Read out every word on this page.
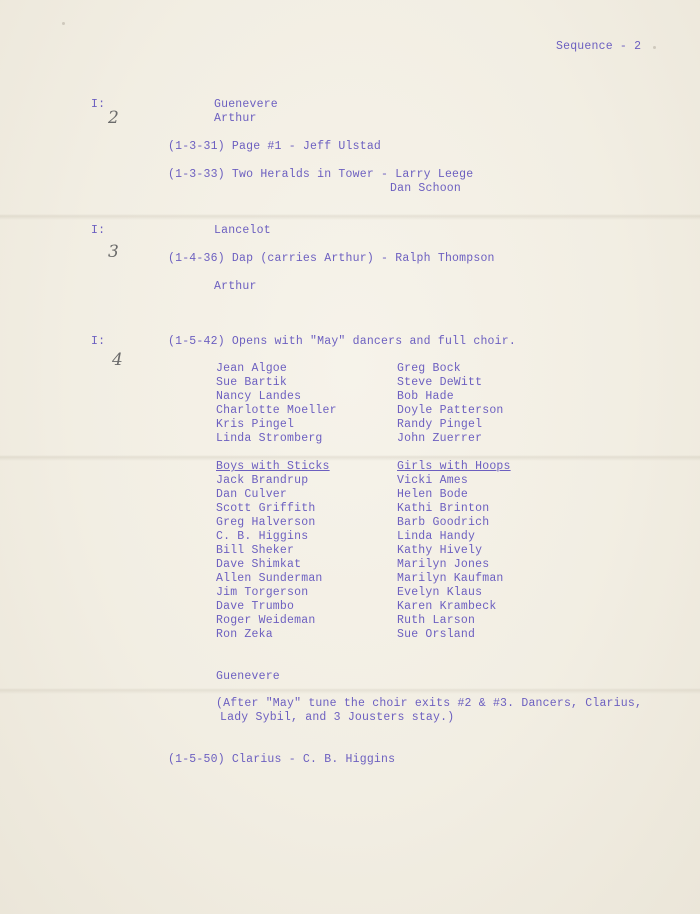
Sequence - 2
I:
2
Guenevere
Arthur
(1-3-31) Page #1 - Jeff Ulstad
(1-3-33) Two Heralds in Tower - Larry Leege
Dan Schoon
I:
3
Lancelot
(1-4-36) Dap (carries Arthur) - Ralph Thompson
Arthur
I:
4
(1-5-42) Opens with "May" dancers and full choir.
Jean Algoe
Sue Bartik
Nancy Landes
Charlotte Moeller
Kris Pingel
Linda Stromberg
Greg Bock
Steve DeWitt
Bob Hade
Doyle Patterson
Randy Pingel
John Zuerrer
Boys with Sticks	Girls with Hoops
Jack Brandrup
Dan Culver
Scott Griffith
Greg Halverson
C. B. Higgins
Bill Sheker
Dave Shimkat
Allen Sunderman
Jim Torgerson
Dave Trumbo
Roger Weideman
Ron Zeka
Vicki Ames
Helen Bode
Kathi Brinton
Barb Goodrich
Linda Handy
Kathy Hively
Marilyn Jones
Marilyn Kaufman
Evelyn Klaus
Karen Krambeck
Ruth Larson
Sue Orsland
Guenevere
(After "May" tune the choir exits #2 & #3. Dancers, Clarius,
Lady Sybil, and 3 Jousters stay.)
(1-5-50) Clarius - C. B. Higgins
